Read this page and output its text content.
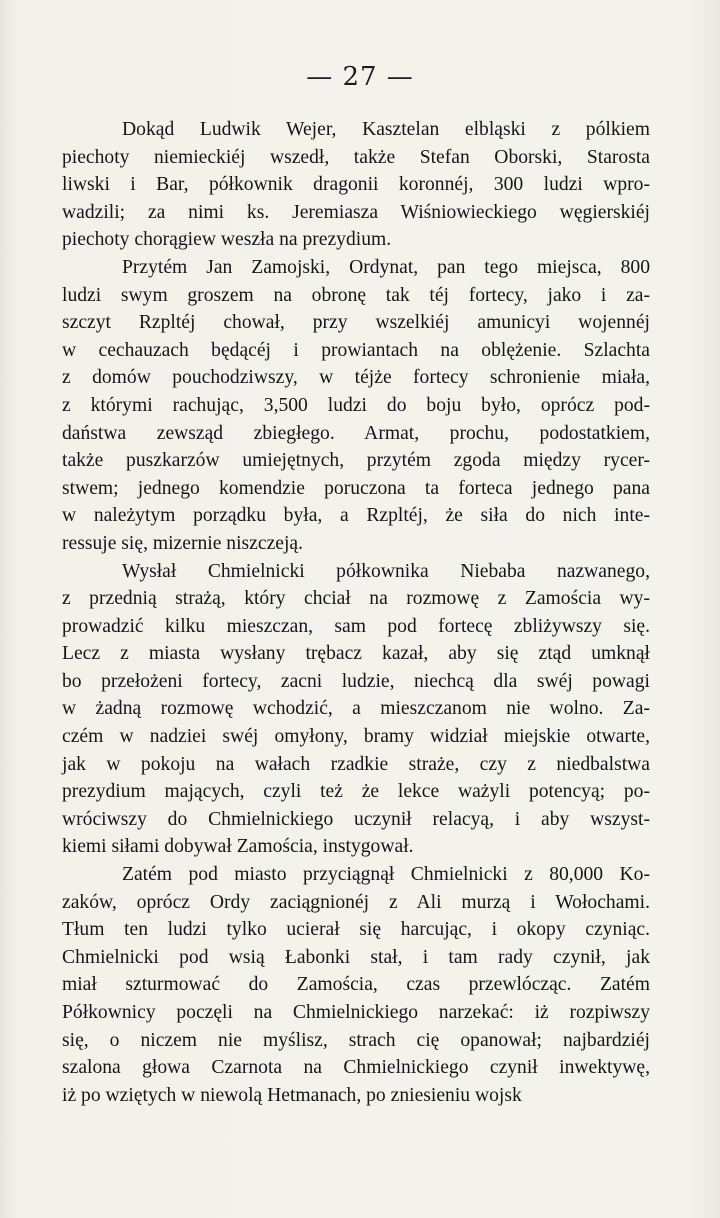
— 27 —
Dokąd Ludwik Wejer, Kasztelan elbląski z pólkiem
piechoty niemieckiéj wszedł, także Stefan Oborski, Starosta
liwski i Bar, półkownik dragonii koronnéj, 300 ludzi wpro-
wadzili; za nimi ks. Jeremiasza Wiśniowieckiego węgierskiéj
piechoty chorągiew weszła na prezydium.
Przytém Jan Zamojski, Ordynat, pan tego miejsca, 800
ludzi swym groszem na obronę tak téj fortecy, jako i za-
szczyt Rzpltéj chował, przy wszelkiéj amunicyi wojennéj
w cechauzach będącéj i prowiantach na oblężenie. Szlachta
z domów pouchodziwszy, w téjże fortecy schronienie miała,
z którymi rachując, 3,500 ludzi do boju było, oprócz pod-
daństwa zewsząd zbiegłego. Armat, prochu, podostatkiem,
także puszkarzów umiejętnych, przytém zgoda między rycer-
stwem; jednego komendzie poruczona ta forteca jednego pana
w należytym porządku była, a Rzpltéj, że siła do nich inte-
ressuje się, mizernie niszczeją.
Wysłał Chmielnicki półkownika Niebaba nazwanego,
z przednią strażą, który chciał na rozmowę z Zamościa wy-
prowadzić kilku mieszczan, sam pod fortecę zbliżywszy się.
Lecz z miasta wysłany trębacz kazał, aby się ztąd umknął
bo przełożeni fortecy, zacni ludzie, niechcą dla swéj powagi
w żadną rozmowę wchodzić, a mieszczanom nie wolno. Za-
czém w nadziei swéj omyłony, bramy widział miejskie otwarte,
jak w pokoju na wałach rzadkie straże, czy z niedbalstwa
prezydium mających, czyli też że lekce ważyli potencyą; po-
wróciwszy do Chmielnickiego uczynił relacyą, i aby wszyst-
kiemi siłami dobywał Zamościa, instygował.
Zatém pod miasto przyciągnął Chmielnicki z 80,000 Ko-
zaków, oprócz Ordy zaciągnionéj z Ali murzą i Wołochami.
Tłum ten ludzi tylko ucierał się harcując, i okopy czyniąc.
Chmielnicki pod wsią Łabonki stał, i tam rady czynił, jak
miał szturmować do Zamościa, czas przewlócząc. Zatém
Półkownicy poczęli na Chmielnickiego narzekać: iż rozpiwszy
się, o niczem nie myślisz, strach cię opanował; najbardziéj
szalona głowa Czarnota na Chmielnickiego czynił inwektywę,
iż po wziętych w niewolą Hetmanach, po zniesieniu wojsk
